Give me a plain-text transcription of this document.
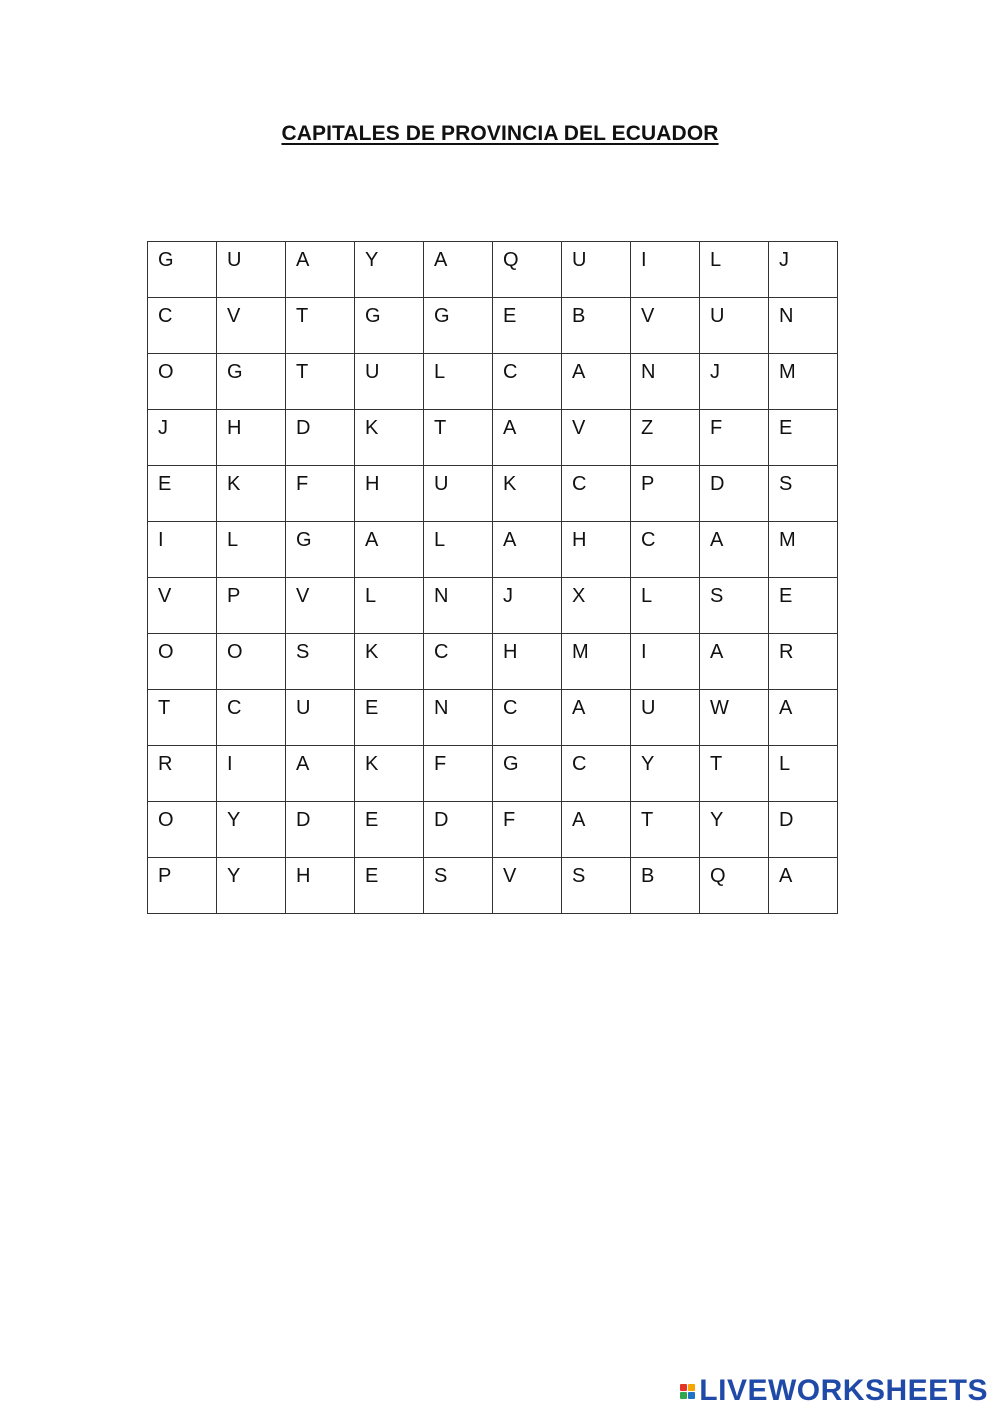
CAPITALES DE PROVINCIA DEL ECUADOR
G	U	A	Y	A	Q	U	I	L	J
C	V	T	G	G	E	B	V	U	N
O	G	T	U	L	C	A	N	J	M
J	H	D	K	T	A	V	Z	F	E
E	K	F	H	U	K	C	P	D	S
I	L	G	A	L	A	H	C	A	M
V	P	V	L	N	J	X	L	S	E
O	O	S	K	C	H	M	I	A	R
T	C	U	E	N	C	A	U	W	A
R	I	A	K	F	G	C	Y	T	L
O	Y	D	E	D	F	A	T	Y	D
P	Y	H	E	S	V	S	B	Q	A
LIVEWORKSHEETS
